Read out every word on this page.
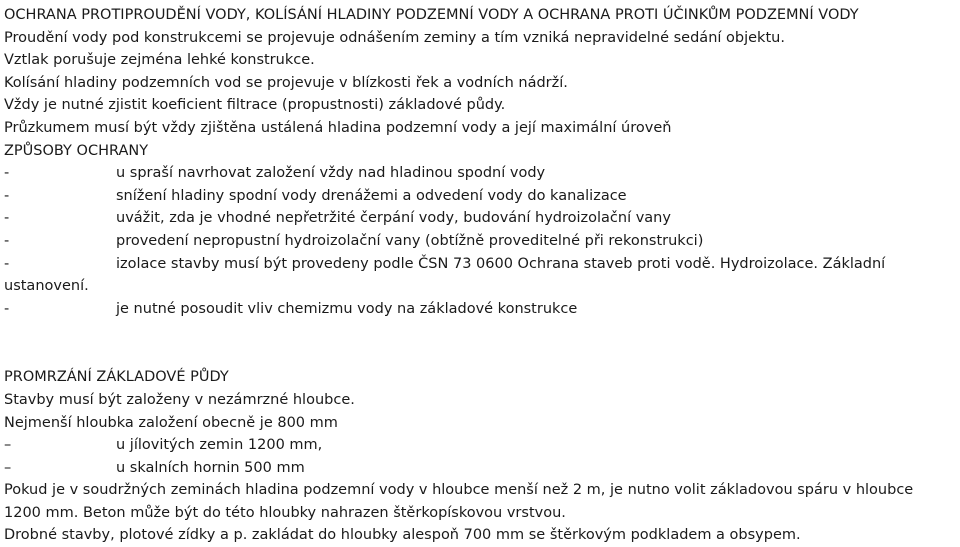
OCHRANA PROTIPROUDĚNÍ VODY, KOLÍSÁNÍ HLADINY PODZEMNÍ VODY A OCHRANA PROTI ÚČINKŮM PODZEMNÍ VODY
Proudění vody pod konstrukcemi se projevuje odnášením zeminy a tím vzniká nepravidelné sedání objektu.
Vztlak porušuje zejména lehké konstrukce.
Kolísání hladiny podzemních vod se projevuje v blízkosti řek a vodních nádrží.
Vždy je nutné zjistit koeficient filtrace (propustnosti) základové půdy.
Průzkumem musí být vždy zjištěna ustálená hladina podzemní vody a její maximální úroveň
ZPŮSOBY OCHRANY
-	u spraší navrhovat založení vždy nad hladinou spodní vody
-	snížení hladiny spodní vody drenážemi a odvedení vody do kanalizace
-	uvážit, zda je vhodné nepřetržité čerpání vody, budování hydroizolační vany
-	provedení nepropustní hydroizolační vany (obtížně proveditelné při rekonstrukci)
-	izolace stavby musí být provedeny podle ČSN 73 0600 Ochrana staveb proti vodě. Hydroizolace. Základní
ustanovení.
-	je nutné posoudit vliv chemizmu vody na základové konstrukce
PROMRZÁNÍ ZÁKLADOVÉ PŮDY
Stavby musí být založeny v nezámrzné hloubce.
Nejmenší hloubka založení obecně je 800 mm
–	u jílovitých zemin 1200 mm,
–	u skalních hornin 500 mm
Pokud je v soudržných zeminách hladina podzemní vody v hloubce menší než 2 m, je nutno volit základovou spáru v hloubce
1200 mm. Beton může být do této hloubky nahrazen štěrkopískovou vrstvou.
Drobné stavby, plotové zídky a p. zakládat do hloubky alespoň 700 mm se štěrkovým podkladem a obsypem.
